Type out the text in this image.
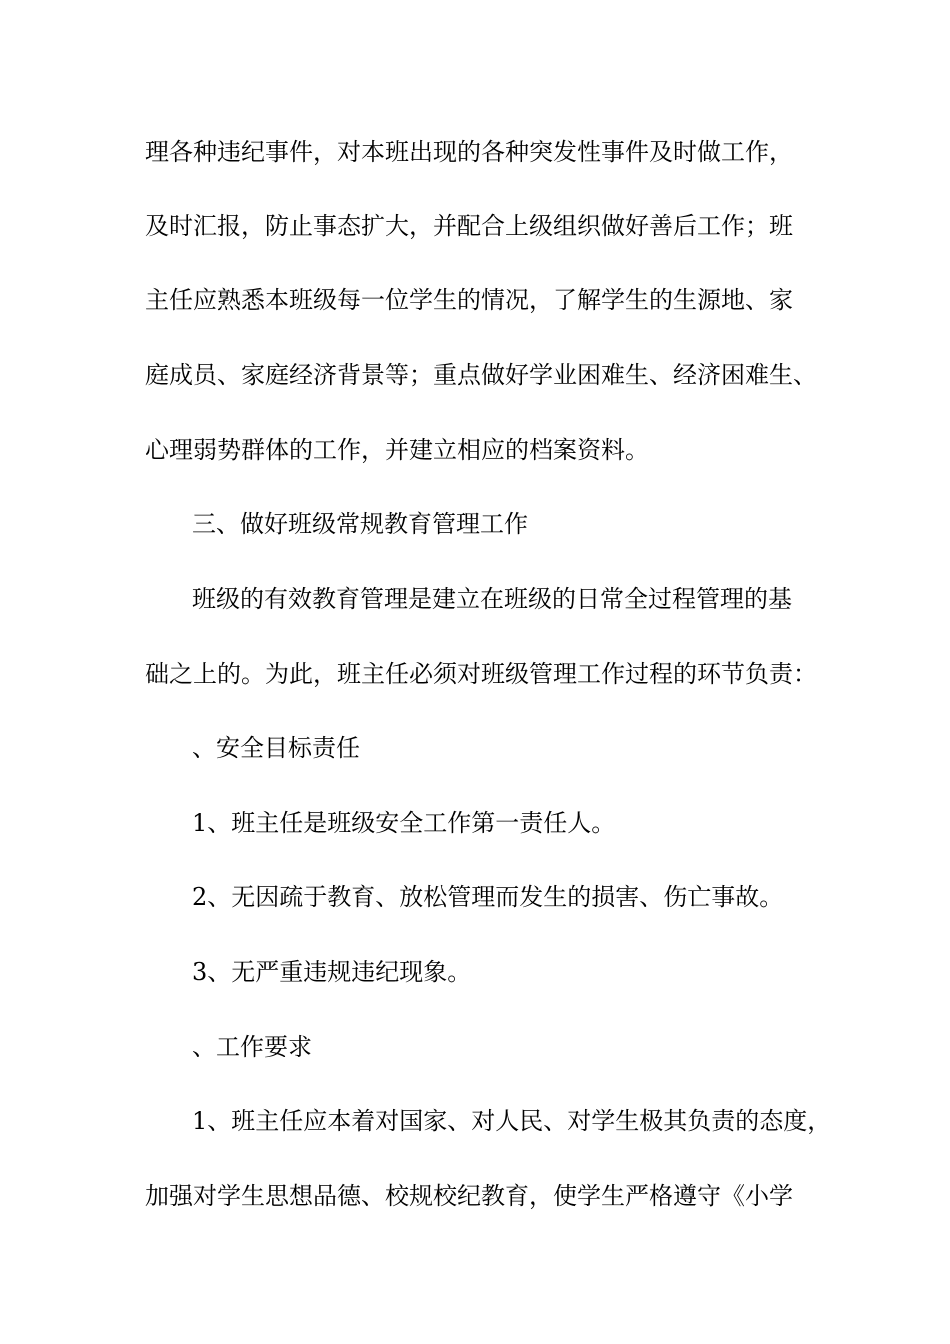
理各种违纪事件，对本班出现的各种突发性事件及时做工作，
及时汇报，防止事态扩大，并配合上级组织做好善后工作；班
主任应熟悉本班级每一位学生的情况，了解学生的生源地、家
庭成员、家庭经济背景等；重点做好学业困难生、经济困难生、
心理弱势群体的工作，并建立相应的档案资料。
三、做好班级常规教育管理工作
班级的有效教育管理是建立在班级的日常全过程管理的基
础之上的。为此，班主任必须对班级管理工作过程的环节负责：
、安全目标责任
1、班主任是班级安全工作第一责任人。
2、无因疏于教育、放松管理而发生的损害、伤亡事故。
3、无严重违规违纪现象。
、工作要求
1、班主任应本着对国家、对人民、对学生极其负责的态度，
加强对学生思想品德、校规校纪教育，使学生严格遵守《小学
